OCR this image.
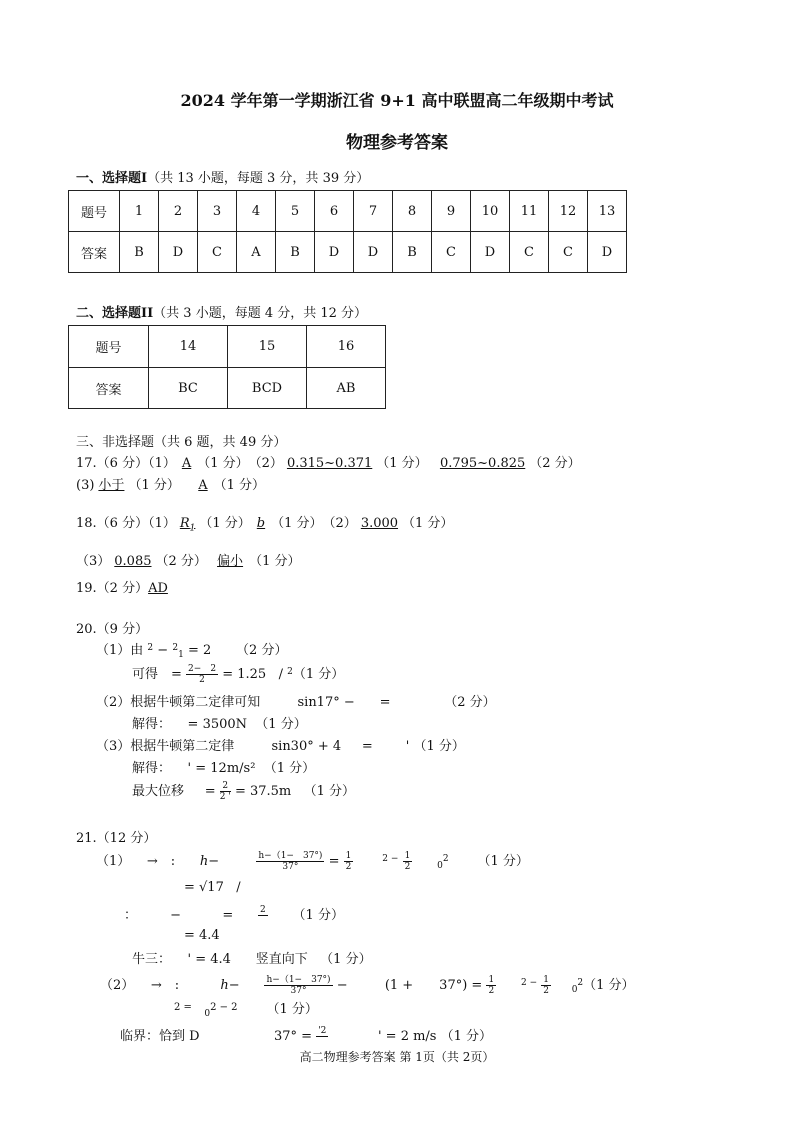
2024 学年第一学期浙江省 9+1 高中联盟高二年级期中考试
物理参考答案
一、选择题I（共 13 小题，每题 3 分，共 39 分）
题号	1	2	3	4	5	6	7	8	9	10	11	12	13
答案	B	D	C	A	B	D	D	B	C	D	C	C	D
二、选择题II（共 3 小题，每题 4 分，共 12 分）
题号	14	15	16
答案	BC	BCD	AB
三、非选择题（共 6 题，共 49 分）
17.（6 分）（1） A （1 分）　（2） 0.315~0.371 （1 分） 0.795~0.825 （2 分）
(3) 小于 （1 分） A （1 分）
18.（6 分）（1） $R_1$ （1 分） b （1 分）　（2） 3.000 （1 分）
（3） 0.085 （2 分） 偏小 （1 分）
19.（2 分）AD
20.（9 分）
（1）由 $^2$ − $^2_1$ = 2 （2 分）
可得　= $\frac{2- 2}{2} = 1.25 / ^2(1$ 分）
（2）根据牛顿第二定律可知	sin17° − =	（2 分）
解得： = 3500N （1 分）
（3）根据牛顿第二定律	sin30° + 4 =	' （1 分）
解得： ' = 12m/s² （1 分）
最大位移 = $\frac{2}{2 '} = 37.5m$ （1 分）
21.（12 分）
（1） →　: h−	$\frac{h-(1- 37^\circ)}{37^\circ} = \frac{1}{2}$	$^{2 -} \frac{1}{2}$	$_0^2$ （1 分）
= √17 /
：	−	=	2
（1 分）
= 4.4
牛三： ' = 4.4 竖直向下 （1 分）
（2） →　:	h−	$\frac{h-(1- 37^\circ)}{37^\circ}$ −	(1 +　　$37^\circ) = \frac{1}{2}$	$^{2 -} \frac{1}{2} _0^2(1$ 分）
$^{2 =}$   $_0^{2 - 2}$ （1 分）
临界：恰到 D	37° = '2
	' = 2 m/s （1 分）
高二物理参考答案 第 1页（共 2页）
